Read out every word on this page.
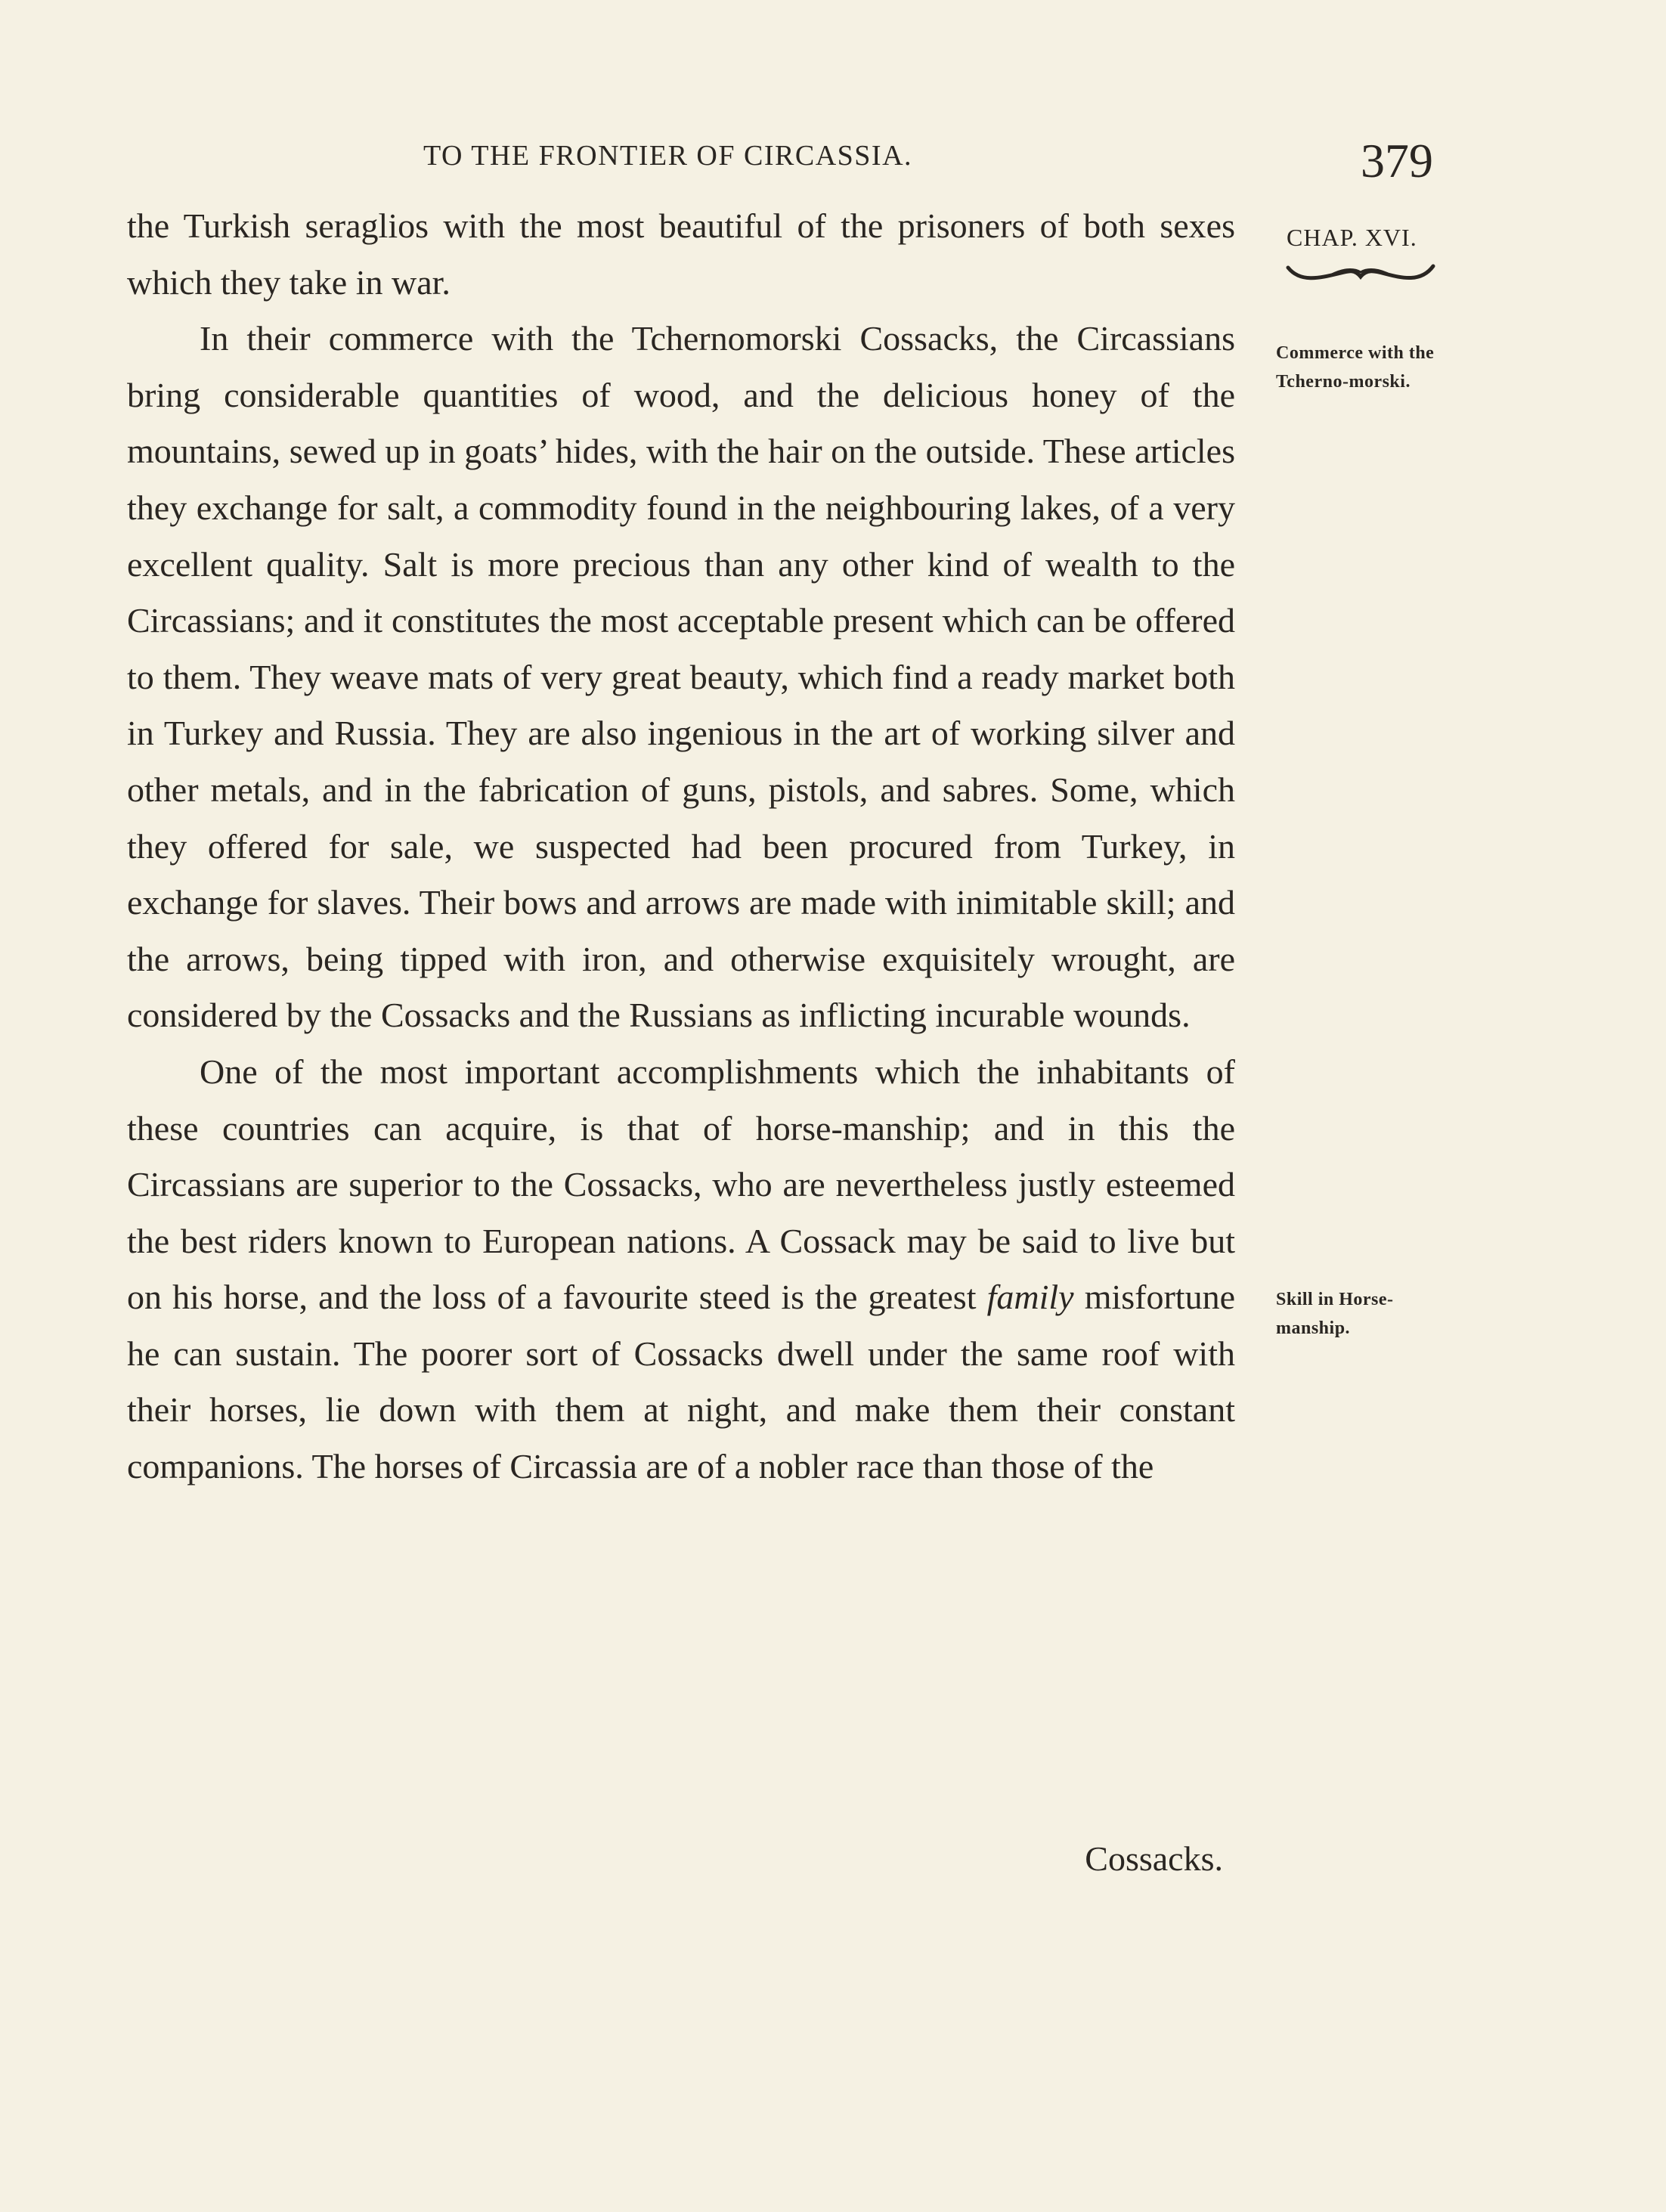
TO THE FRONTIER OF CIRCASSIA.	379
CHAP. XVI.
Commerce with the Tcherno-morski.
Skill in Horse-manship.

the Turkish seraglios with the most beautiful of the prisoners of both sexes which they take in war.

In their commerce with the Tchernomorski Cossacks, the Circassians bring considerable quantities of wood, and the delicious honey of the mountains, sewed up in goats’ hides, with the hair on the outside. These articles they exchange for salt, a commodity found in the neighbouring lakes, of a very excellent quality. Salt is more precious than any other kind of wealth to the Circassians; and it constitutes the most acceptable present which can be offered to them. They weave mats of very great beauty, which find a ready market both in Turkey and Russia. They are also ingenious in the art of working silver and other metals, and in the fabrication of guns, pistols, and sabres. Some, which they offered for sale, we suspected had been procured from Turkey, in exchange for slaves. Their bows and arrows are made with inimitable skill; and the arrows, being tipped with iron, and otherwise exquisitely wrought, are considered by the Cossacks and the Russians as inflicting incurable wounds.

One of the most important accomplishments which the inhabitants of these countries can acquire, is that of horse-manship; and in this the Circassians are superior to the Cossacks, who are nevertheless justly esteemed the best riders known to European nations. A Cossack may be said to live but on his horse, and the loss of a favourite steed is the greatest family misfortune he can sustain. The poorer sort of Cossacks dwell under the same roof with their horses, lie down with them at night, and make them their constant companions. The horses of Circassia are of a nobler race than those of the

Cossacks.
